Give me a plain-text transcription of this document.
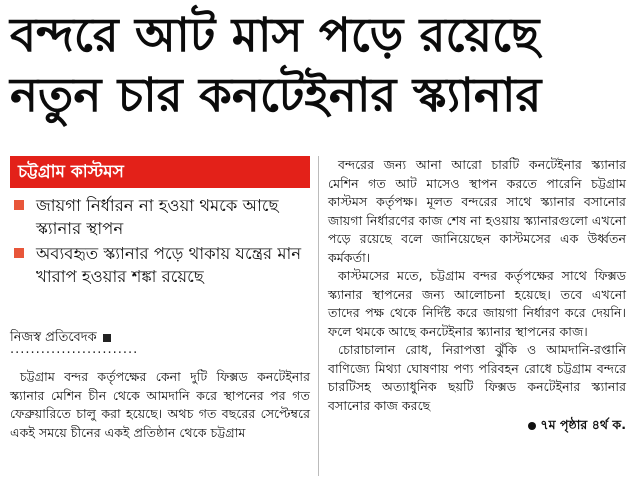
বন্দরে আট মাস পড়ে রয়েছে
নতুন চার কনটেইনার স্ক্যানার
চট্টগ্রাম কাস্টমস
জায়গা নির্ধারন না হওয়া থমকে আছে স্ক্যানার স্থাপন
অব্যবহৃত স্ক্যানার পড়ে থাকায় যন্ত্রের মান খারাপ হওয়ার শঙ্কা রয়েছে
নিজস্ব প্রতিবেদক
·························

চট্টগ্রাম বন্দর কর্তৃপক্ষের কেনা দুটি ফিক্সড কনটেইনার স্ক্যানার মেশিন চীন থেকে আমদানি করে স্থাপনের পর গত ফেব্রুয়ারিতে চালু করা হয়েছে। অথচ গত বছরের সেপ্টেম্বরে একই সময়ে চীনের একই প্রতিষ্ঠান থেকে চট্টগ্রাম

বন্দরের জন্য আনা আরো চারটি কনটেইনার স্ক্যানার মেশিন গত আট মাসেও স্থাপন করতে পারেনি চট্টগ্রাম কাস্টমস কর্তৃপক্ষ। মূলত বন্দরের সাথে স্ক্যানার বসানোর জায়গা নির্ধারণের কাজ শেষ না হওয়ায় স্ক্যানারগুলো এখনো পড়ে রয়েছে বলে জানিয়েছেন কাস্টমসের এক উর্ধ্বতন কর্মকর্তা।

কাস্টমসের মতে, চট্টগ্রাম বন্দর কর্তৃপক্ষের সাথে ফিক্সড স্ক্যানার স্থাপনের জন্য আলোচনা হয়েছে। তবে এখনো তাদের পক্ষ থেকে নির্দিষ্ট করে জায়গা নির্ধারণ করে দেয়নি। ফলে থমকে আছে কনটেইনার স্ক্যানার স্থাপনের কাজ।

চোরাচালান রোধ, নিরাপত্তা ঝুঁকি ও আমদানি-রপ্তানি বাণিজ্যে মিথ্যা ঘোষণায় পণ্য পরিবহন রোধে চট্টগ্রাম বন্দরে চারটিসহ অত্যাধুনিক ছয়টি ফিক্সড কনটেইনার স্ক্যানার বসানোর কাজ করছে

৭ম পৃষ্ঠার ৪র্থ ক.
